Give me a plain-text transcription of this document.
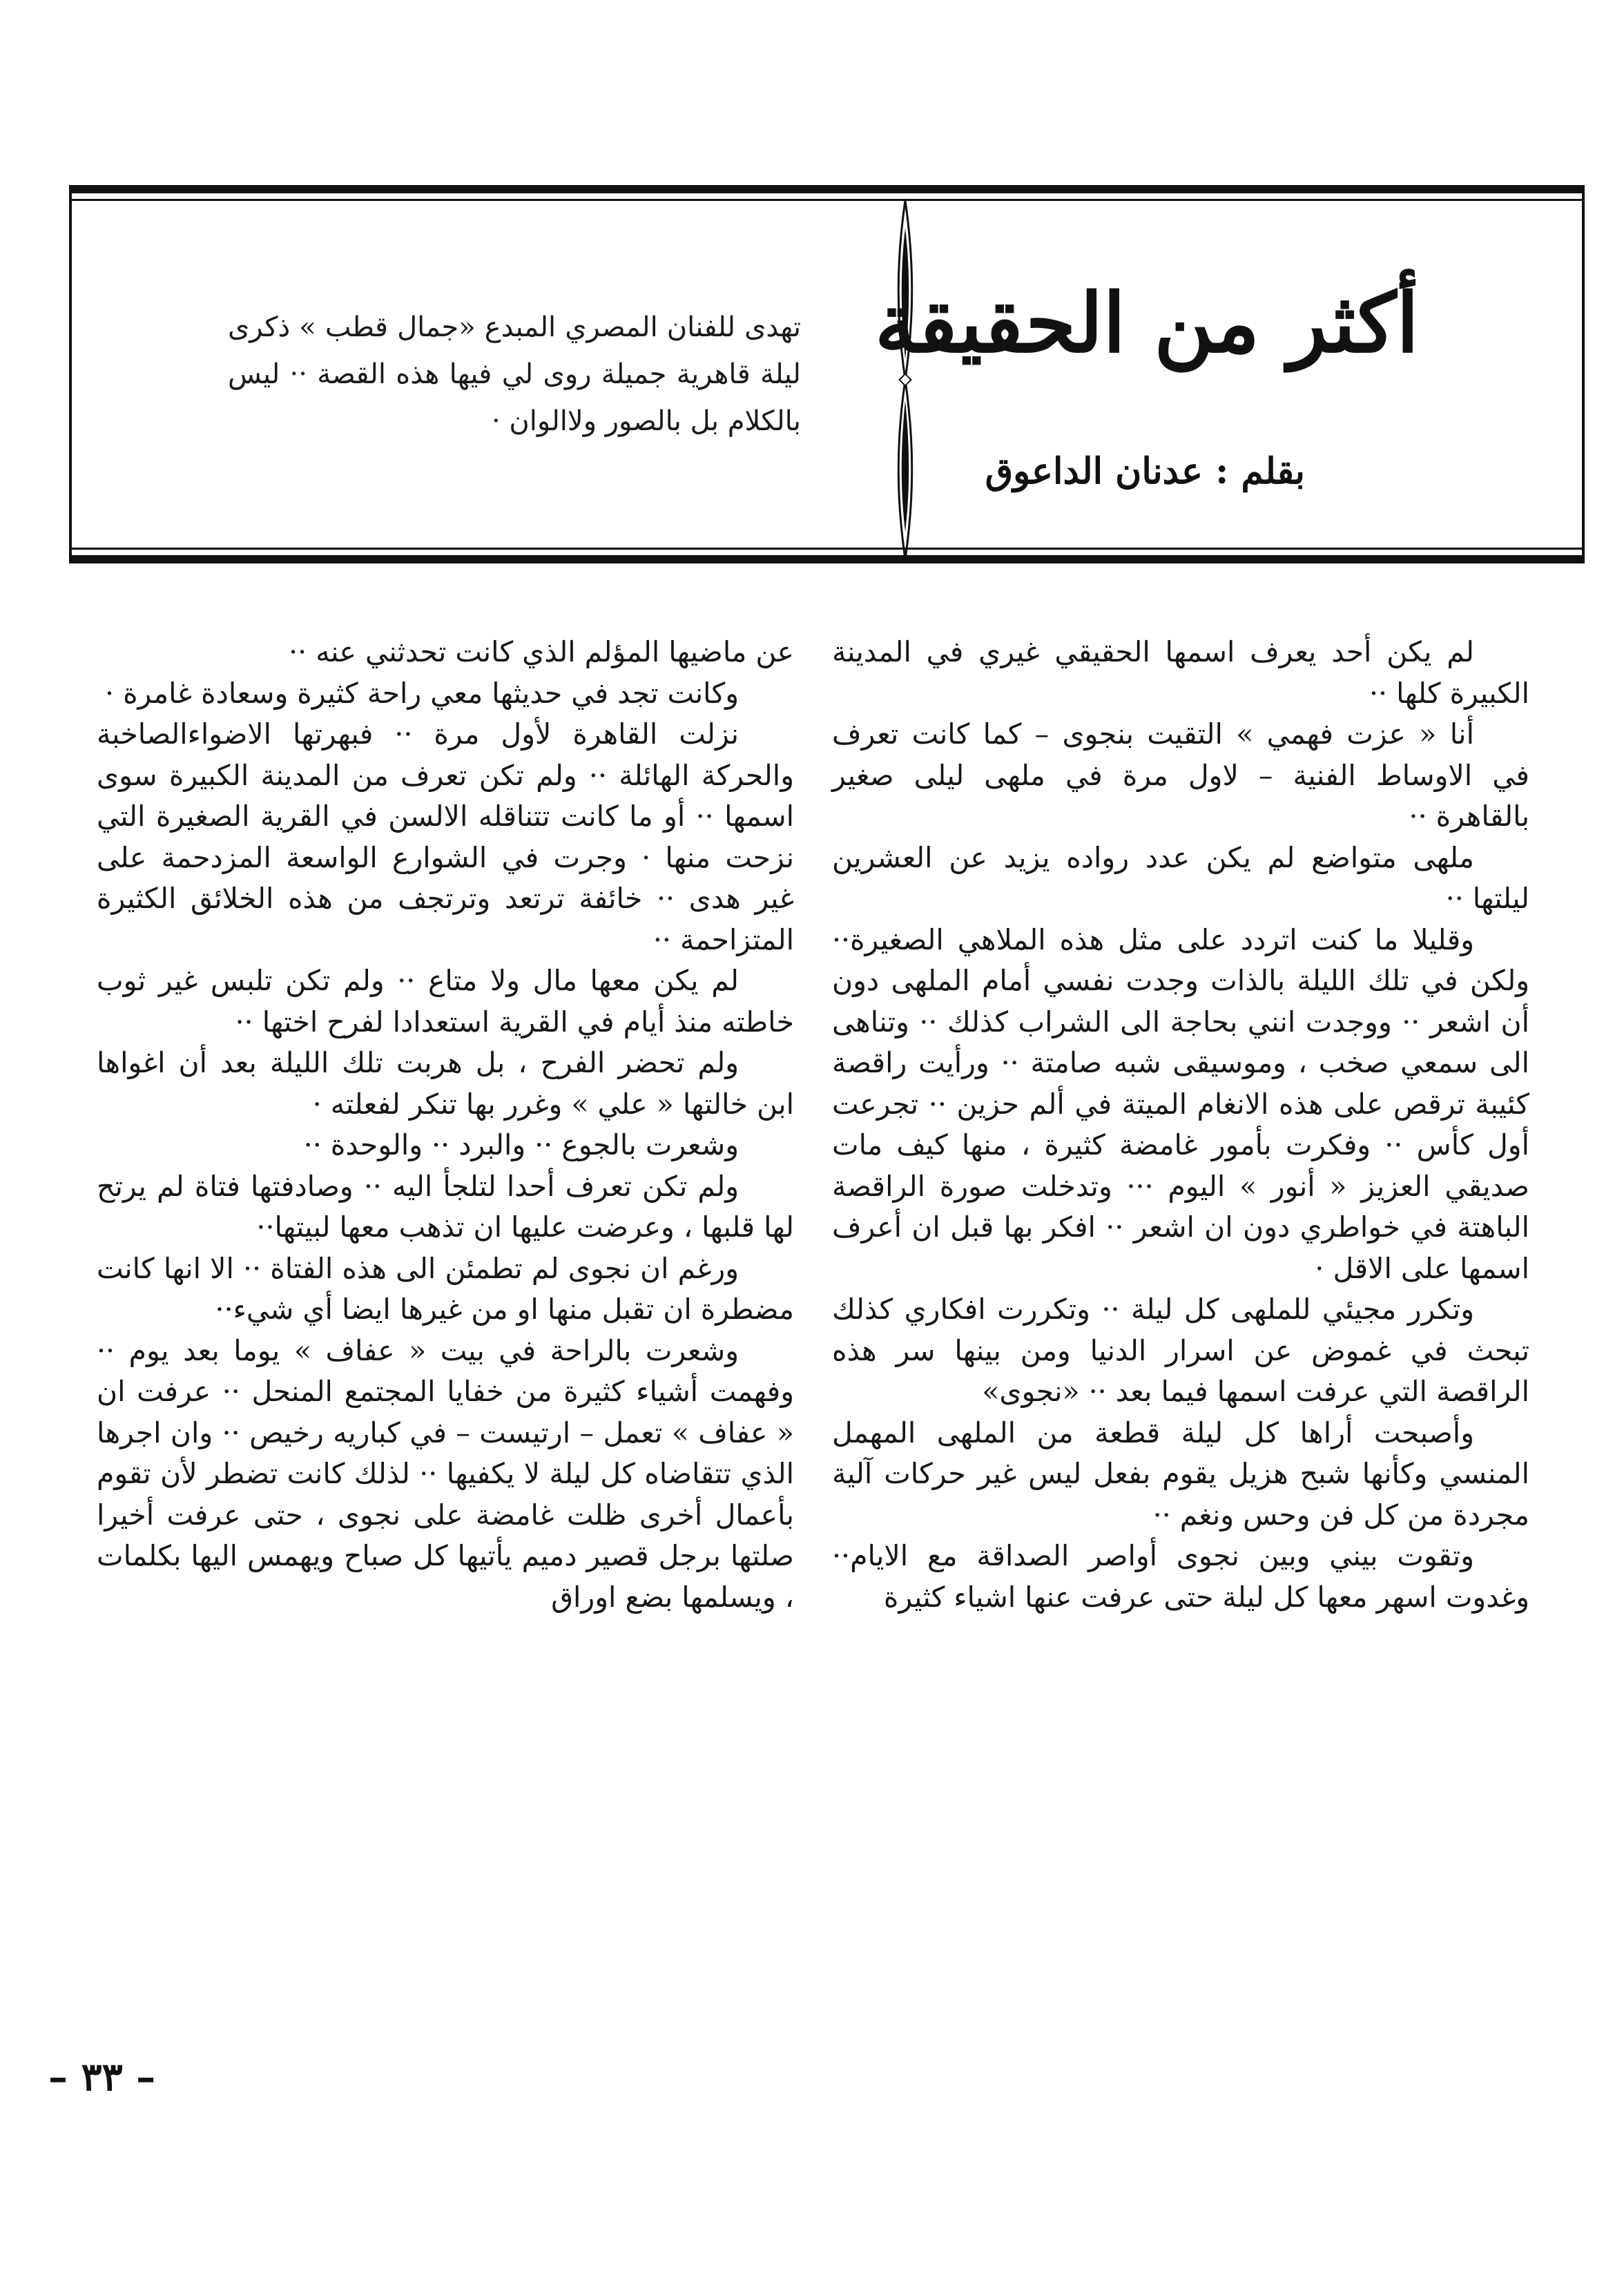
أكثر من الحقيقة
بقلم : عدنان الداعوق
تهدى للفنان المصري المبدع «جمال قطب » ذكرى ليلة قاهرية جميلة روى لي فيها هذه القصة ·· ليس بالكلام بل بالصور ولاالوان ·

لم يكن أحد يعرف اسمها الحقيقي غيري في المدينة الكبيرة كلها ··

أنا « عزت فهمي » التقيت بنجوى – كما كانت تعرف في الاوساط الفنية – لاول مرة في ملهى ليلى صغير بالقاهرة ··

ملهى متواضع لم يكن عدد رواده يزيد عن العشرين ليلتها ··

وقليلا ما كنت اتردد على مثل هذه الملاهي الصغيرة·· ولكن في تلك الليلة بالذات وجدت نفسي أمام الملهى دون أن اشعر ·· ووجدت انني بحاجة الى الشراب كذلك ·· وتناهى الى سمعي صخب ، وموسيقى شبه صامتة ·· ورأيت راقصة كئيبة ترقص على هذه الانغام الميتة في ألم حزين ·· تجرعت أول كأس ·· وفكرت بأمور غامضة كثيرة ، منها كيف مات صديقي العزيز « أنور » اليوم ··· وتدخلت صورة الراقصة الباهتة في خواطري دون ان اشعر ·· افكر بها قبل ان أعرف اسمها على الاقل ·

وتكرر مجيئي للملهى كل ليلة ·· وتكررت افكاري كذلك تبحث في غموض عن اسرار الدنيا ومن بينها سر هذه الراقصة التي عرفت اسمها فيما بعد ·· «نجوى»

وأصبحت أراها كل ليلة قطعة من الملهى المهمل المنسي وكأنها شبح هزيل يقوم بفعل ليس غير حركات آلية مجردة من كل فن وحس ونغم ··

وتقوت بيني وبين نجوى أواصر الصداقة مع الايام·· وغدوت اسهر معها كل ليلة حتى عرفت عنها اشياء كثيرة

عن ماضيها المؤلم الذي كانت تحدثني عنه ··

وكانت تجد في حديثها معي راحة كثيرة وسعادة غامرة ·

نزلت القاهرة لأول مرة ·· فبهرتها الاضواءالصاخبة والحركة الهائلة ·· ولم تكن تعرف من المدينة الكبيرة سوى اسمها ·· أو ما كانت تتناقله الالسن في القرية الصغيرة التي نزحت منها · وجرت في الشوارع الواسعة المزدحمة على غير هدى ·· خائفة ترتعد وترتجف من هذه الخلائق الكثيرة المتزاحمة ··

لم يكن معها مال ولا متاع ·· ولم تكن تلبس غير ثوب خاطته منذ أيام في القرية استعدادا لفرح اختها ··

ولم تحضر الفرح ، بل هربت تلك الليلة بعد أن اغواها ابن خالتها « علي » وغرر بها تنكر لفعلته ·

وشعرت بالجوع ·· والبرد ·· والوحدة ··

ولم تكن تعرف أحدا لتلجأ اليه ·· وصادفتها فتاة لم يرتح لها قلبها ، وعرضت عليها ان تذهب معها لبيتها··

ورغم ان نجوى لم تطمئن الى هذه الفتاة ·· الا انها كانت مضطرة ان تقبل منها او من غيرها ايضا أي شيء··

وشعرت بالراحة في بيت « عفاف » يوما بعد يوم ·· وفهمت أشياء كثيرة من خفايا المجتمع المنحل ·· عرفت ان « عفاف » تعمل – ارتيست – في كباريه رخيص ·· وان اجرها الذي تتقاضاه كل ليلة لا يكفيها ·· لذلك كانت تضطر لأن تقوم بأعمال أخرى ظلت غامضة على نجوى ، حتى عرفت أخيرا صلتها برجل قصير دميم يأتيها كل صباح ويهمس اليها بكلمات ، ويسلمها بضع اوراق

– ٣٣ –
